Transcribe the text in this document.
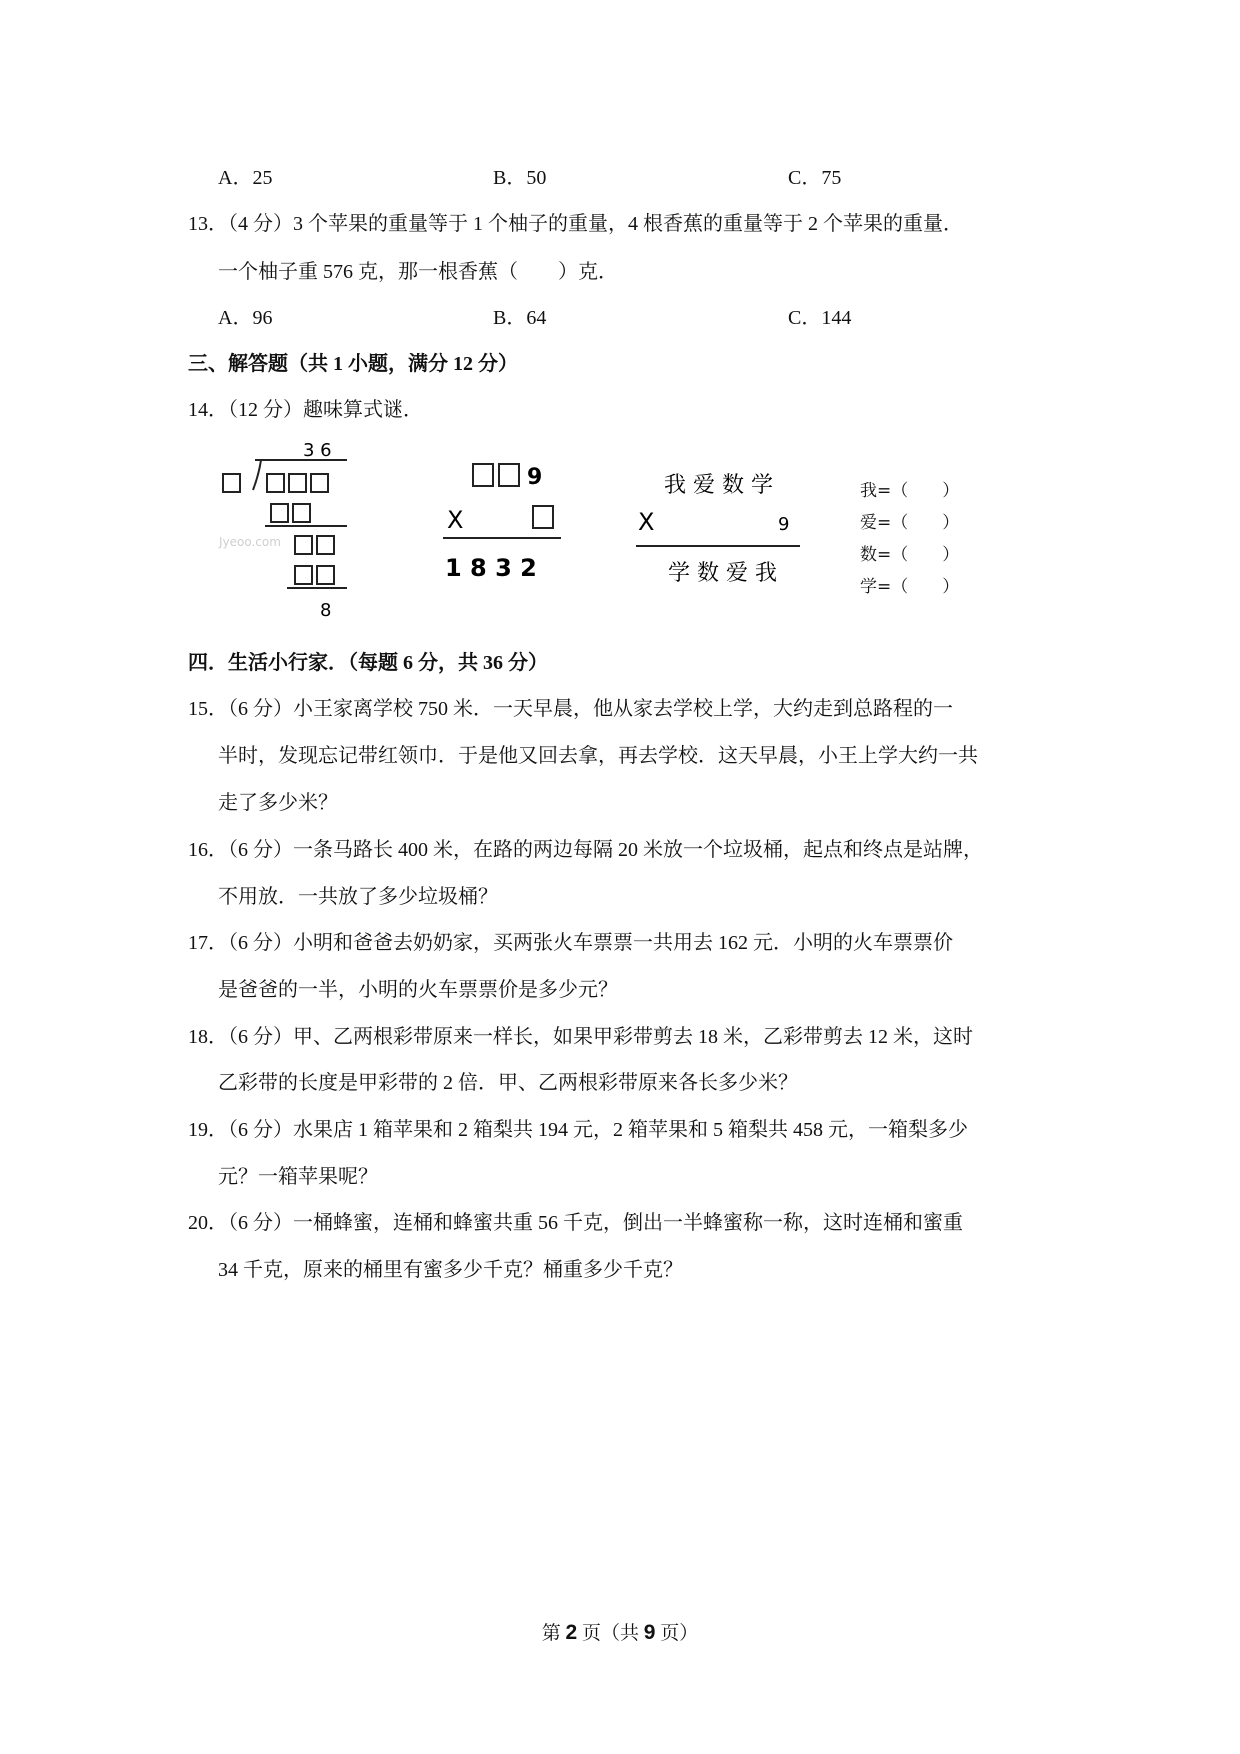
A．25	B．50	C．75
13．（4 分）3 个苹果的重量等于 1 个柚子的重量，4 根香蕉的重量等于 2 个苹果的重量．
一个柚子重 576 克，那一根香蕉（　　）克．
A．96	B．64	C．144
三、解答题（共 1 小题，满分 12 分）
14．（12 分）趣味算式谜．
3 6
Jyeoo.com
8
9
X
1 8 3 2
我 爱 数 学
X	9
学 数 爱 我
我=（　　）
爱=（　　）
数=（　　）
学=（　　）
四．生活小行家．（每题 6 分，共 36 分）
15．（6 分）小王家离学校 750 米．一天早晨，他从家去学校上学，大约走到总路程的一
半时，发现忘记带红领巾．于是他又回去拿，再去学校．这天早晨，小王上学大约一共
走了多少米？
16．（6 分）一条马路长 400 米，在路的两边每隔 20 米放一个垃圾桶，起点和终点是站牌，
不用放．一共放了多少垃圾桶？
17．（6 分）小明和爸爸去奶奶家，买两张火车票票一共用去 162 元．小明的火车票票价
是爸爸的一半，小明的火车票票价是多少元？
18．（6 分）甲、乙两根彩带原来一样长，如果甲彩带剪去 18 米，乙彩带剪去 12 米，这时
乙彩带的长度是甲彩带的 2 倍．甲、乙两根彩带原来各长多少米？
19．（6 分）水果店 1 箱苹果和 2 箱梨共 194 元，2 箱苹果和 5 箱梨共 458 元，一箱梨多少
元？一箱苹果呢？
20．（6 分）一桶蜂蜜，连桶和蜂蜜共重 56 千克，倒出一半蜂蜜称一称，这时连桶和蜜重
34 千克，原来的桶里有蜜多少千克？桶重多少千克？
第 2 页（共 9 页）
